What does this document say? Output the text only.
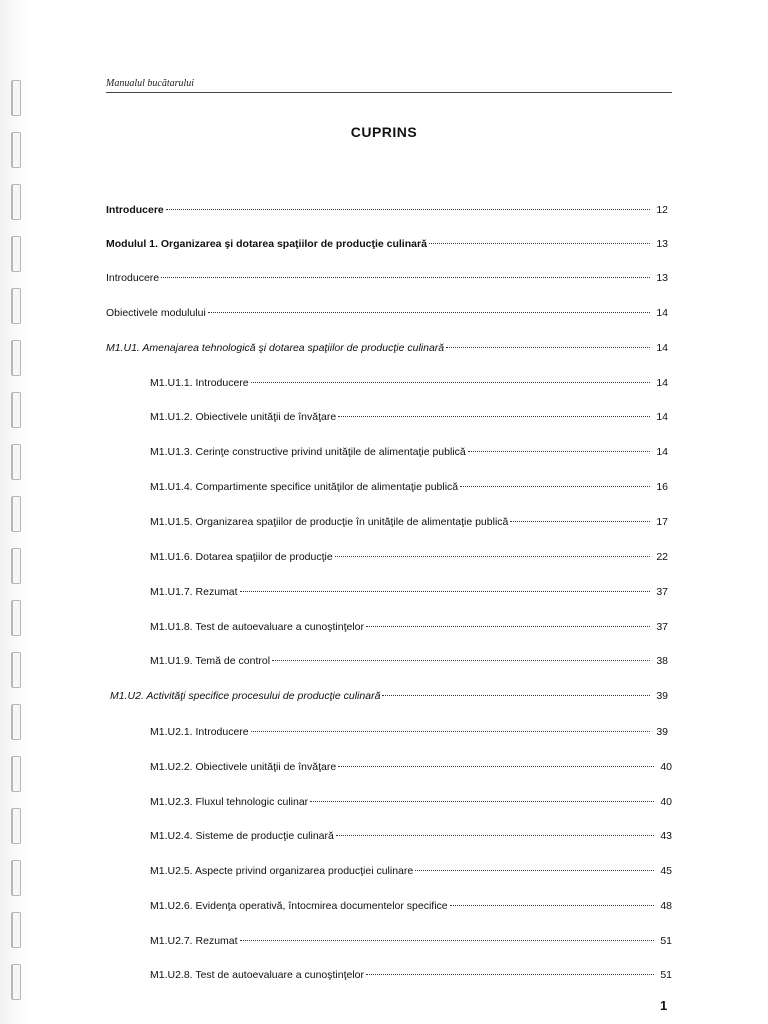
Manualul bucătarului
CUPRINS
Introducere	12
Modulul 1. Organizarea şi dotarea spaţiilor de producţie culinară	13
Introducere	13
Obiectivele modulului	14
M1.U1. Amenajarea tehnologică şi dotarea spaţiilor de producţie culinară	14
M1.U1.1. Introducere	14
M1.U1.2. Obiectivele unităţii de învăţare	14
M1.U1.3. Cerinţe constructive privind unităţile de alimentaţie publică	14
M1.U1.4. Compartimente specifice unităţilor de alimentaţie publică	16
M1.U1.5. Organizarea spaţiilor de producţie în unităţile de alimentaţie publică	17
M1.U1.6. Dotarea spaţiilor de producţie	22
M1.U1.7. Rezumat	37
M1.U1.8. Test de autoevaluare a cunoştinţelor	37
M1.U1.9. Temă de control	38
M1.U2. Activităţi specifice procesului de producţie culinară	39
M1.U2.1. Introducere	39
M1.U2.2. Obiectivele unităţii de învăţare	40
M1.U2.3. Fluxul tehnologic culinar	40
M1.U2.4. Sisteme de producţie culinară	43
M1.U2.5. Aspecte privind organizarea producţiei culinare	45
M1.U2.6. Evidenţa operativă, întocmirea documentelor specifice	48
M1.U2.7. Rezumat	51
M1.U2.8. Test de autoevaluare a cunoştinţelor	51
1
